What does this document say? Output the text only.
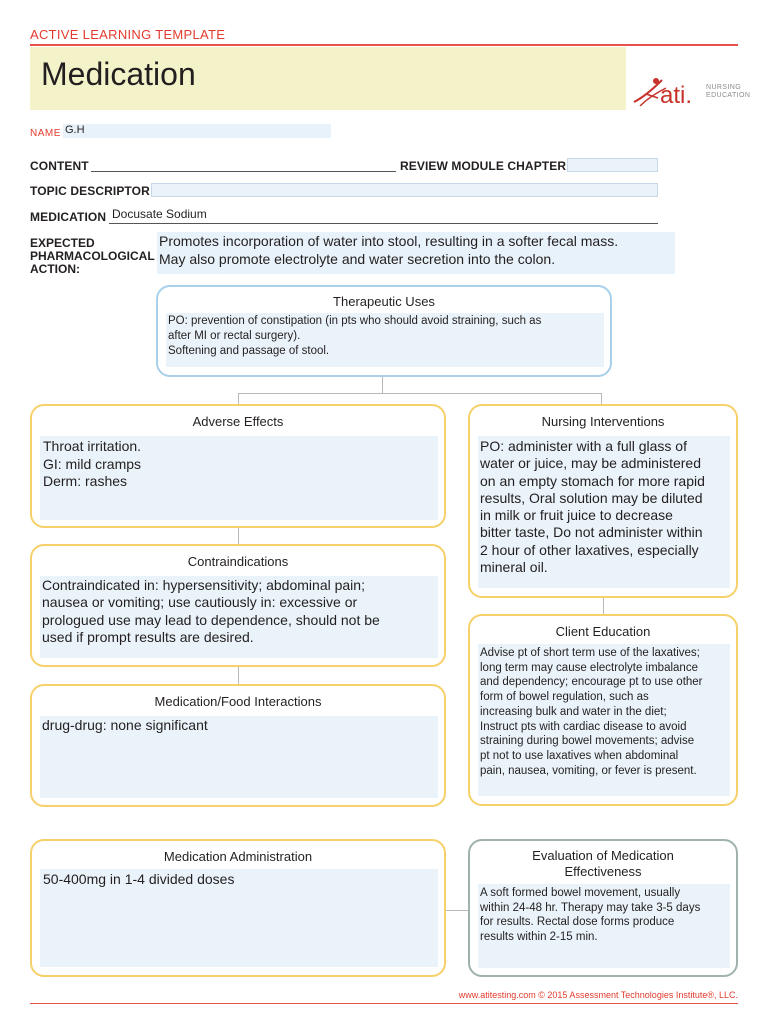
ACTIVE LEARNING TEMPLATE
Medication
ati. NURSING
EDUCATION
NAME G.H
CONTENT	REVIEW MODULE CHAPTER
TOPIC DESCRIPTOR
MEDICATION Docusate Sodium
EXPECTED
PHARMACOLOGICAL
ACTION:
Promotes incorporation of water into stool, resulting in a softer fecal mass.
May also promote electrolyte and water secretion into the colon.
Therapeutic Uses
PO: prevention of constipation (in pts who should avoid straining, such as
after MI or rectal surgery).
Softening and passage of stool.
Adverse Effects
Throat irritation.
GI: mild cramps
Derm: rashes
Nursing Interventions
PO: administer with a full glass of
water or juice, may be administered
on an empty stomach for more rapid
results, Oral solution may be diluted
in milk or fruit juice to decrease
bitter taste, Do not administer within
2 hour of other laxatives, especially
mineral oil.
Contraindications
Contraindicated in: hypersensitivity; abdominal pain;
nausea or vomiting; use cautiously in: excessive or
prologued use may lead to dependence, should not be
used if prompt results are desired.	Client Education
Advise pt of short term use of the laxatives;
long term may cause electrolyte imbalance
and dependency; encourage pt to use other
form of bowel regulation, such as
increasing bulk and water in the diet;
Instruct pts with cardiac disease to avoid
straining during bowel movements; advise
pt not to use laxatives when abdominal
pain, nausea, vomiting, or fever is present.
Medication/Food Interactions
drug-drug: none significant
Medication Administration
50-400mg in 1-4 divided doses
Evaluation of Medication
Effectiveness
A soft formed bowel movement, usually
within 24-48 hr. Therapy may take 3-5 days
for results. Rectal dose forms produce
results within 2-15 min.
www.atitesting.com © 2015 Assessment Technologies Institute®, LLC.
